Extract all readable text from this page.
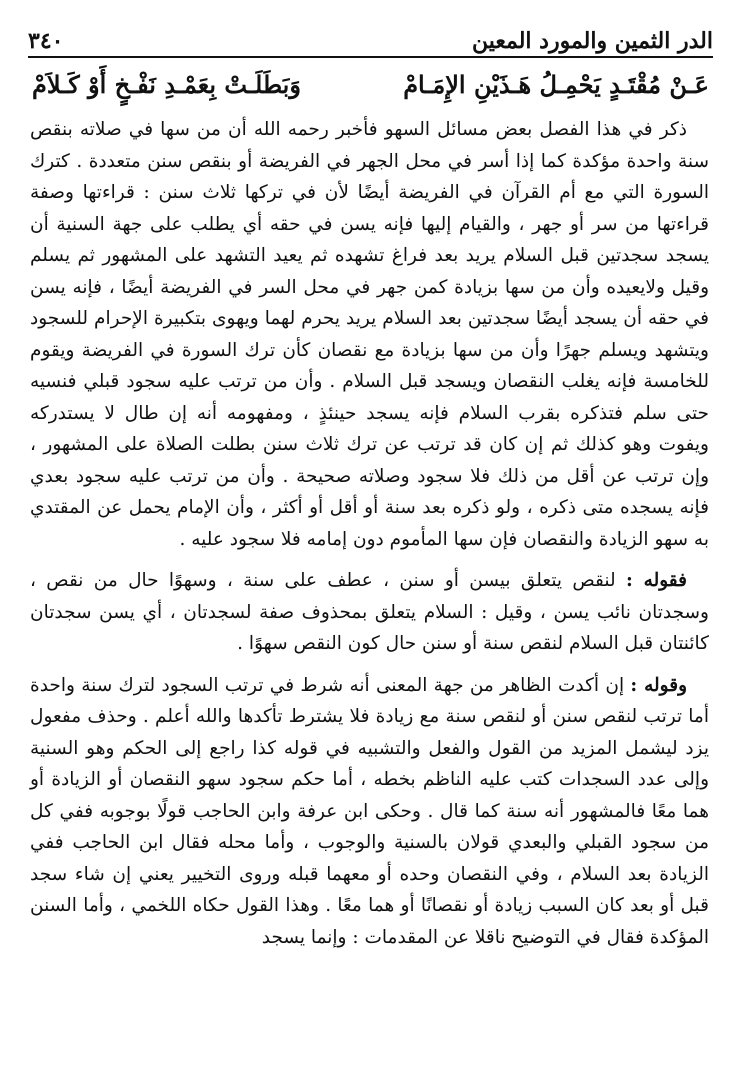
الدر الثمين والمورد المعين
٣٤٠
عَـنْ مُقْتَـدٍ يَحْمِـلُ هَـذَيْنِ الإِمَـامْ
وَبَطَلَـتْ بِعَمْـدِ نَفْـخٍ أَوْ كَـلاَمْ

ذكر في هذا الفصل بعض مسائل السهو فأخبر رحمه الله أن من سها في صلاته بنقص سنة واحدة مؤكدة كما إذا أسر في محل الجهر في الفريضة أو بنقص سنن متعددة . كترك السورة التي مع أم القرآن في الفريضة أيضًا لأن في تركها ثلاث سنن : قراءتها وصفة قراءتها من سر أو جهر ، والقيام إليها فإنه يسن في حقه أي يطلب على جهة السنية أن يسجد سجدتين قبل السلام يريد بعد فراغ تشهده ثم يعيد التشهد على المشهور ثم يسلم وقيل ولايعيده وأن من سها بزيادة كمن جهر في محل السر في الفريضة أيضًا ، فإنه يسن في حقه أن يسجد أيضًا سجدتين بعد السلام يريد يحرم لهما ويهوى بتكبيرة الإحرام للسجود ويتشهد ويسلم جهرًا وأن من سها بزيادة مع نقصان كأن ترك السورة في الفريضة ويقوم للخامسة فإنه يغلب النقصان ويسجد قبل السلام . وأن من ترتب عليه سجود قبلي فنسيه حتى سلم فتذكره بقرب السلام فإنه يسجد حينئذٍ ، ومفهومه أنه إن طال لا يستدركه ويفوت وهو كذلك ثم إن كان قد ترتب عن ترك ثلاث سنن بطلت الصلاة على المشهور ، وإن ترتب عن أقل من ذلك فلا سجود وصلاته صحيحة . وأن من ترتب عليه سجود بعدي فإنه يسجده متى ذكره ، ولو ذكره بعد سنة أو أقل أو أكثر ، وأن الإمام يحمل عن المقتدي به سهو الزيادة والنقصان فإن سها المأموم دون إمامه فلا سجود عليه .

فقوله : لنقص يتعلق بيسن أو سنن ، عطف على سنة ، وسهوًا حال من نقص ، وسجدتان نائب يسن ، وقيل : السلام يتعلق بمحذوف صفة لسجدتان ، أي يسن سجدتان كائنتان قبل السلام لنقص سنة أو سنن حال كون النقص سهوًا .

وقوله : إن أكدت الظاهر من جهة المعنى أنه شرط في ترتب السجود لترك سنة واحدة أما ترتب لنقص سنن أو لنقص سنة مع زيادة فلا يشترط تأكدها والله أعلم . وحذف مفعول يزد ليشمل المزيد من القول والفعل والتشبيه في قوله كذا راجع إلى الحكم وهو السنية وإلى عدد السجدات كتب عليه الناظم بخطه ، أما حكم سجود سهو النقصان أو الزيادة أو هما معًا فالمشهور أنه سنة كما قال . وحكى ابن عرفة وابن الحاجب قولًا بوجوبه ففي كل من سجود القبلي والبعدي قولان بالسنية والوجوب ، وأما محله فقال ابن الحاجب ففي الزيادة بعد السلام ، وفي النقصان وحده أو معهما قبله وروى التخيير يعني إن شاء سجد قبل أو بعد كان السبب زيادة أو نقصانًا أو هما معًا . وهذا القول حكاه اللخمي ، وأما السنن المؤكدة فقال في التوضيح ناقلا عن المقدمات : وإنما يسجد
